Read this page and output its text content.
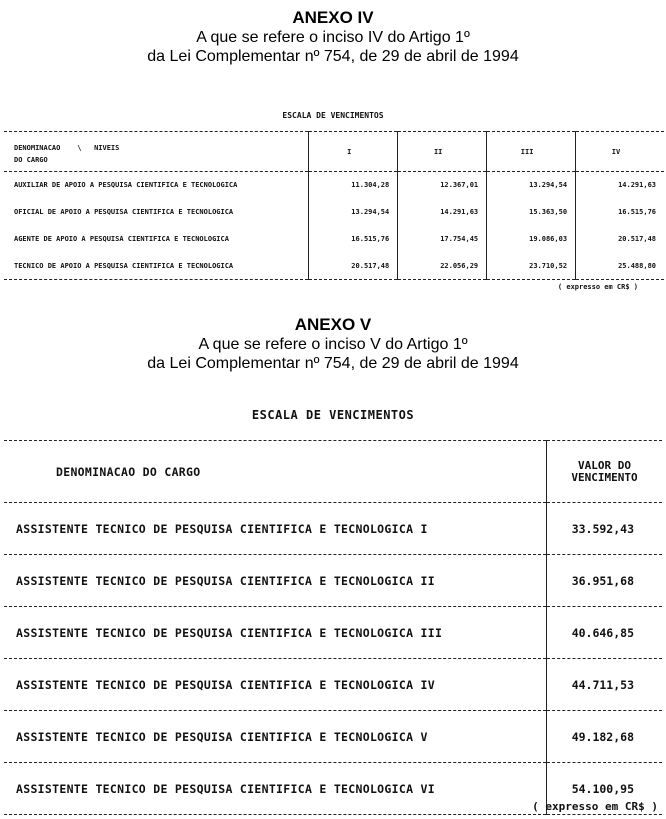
ANEXO IV
A que se refere o inciso IV do Artigo 1º
da Lei Complementar nº 754, de 29 de abril de 1994
ESCALA DE VENCIMENTOS
DENOMINACAO    \   NIVEIS
DO CARGO	I	II	III	IV
AUXILIAR DE APOIO A PESQUISA CIENTIFICA E TECNOLOGICA	11.304,28	12.367,01	13.294,54	14.291,63
OFICIAL DE APOIO A PESQUISA CIENTIFICA E TECNOLOGICA	13.294,54	14.291,63	15.363,50	16.515,76
AGENTE DE APOIO A PESQUISA CIENTIFICA E TECNOLOGICA	16.515,76	17.754,45	19.086,03	20.517,48
TECNICO DE APOIO A PESQUISA CIENTIFICA E TECNOLOGICA	20.517,48	22.056,29	23.710,52	25.488,80
( expresso em CR$ )
ANEXO V
A que se refere o inciso V do Artigo 1º
da Lei Complementar nº 754, de 29 de abril de 1994
ESCALA DE VENCIMENTOS
DENOMINACAO DO CARGO	VALOR DO
VENCIMENTO

ASSISTENTE TECNICO DE PESQUISA CIENTIFICA E TECNOLOGICA I	33.592,43
ASSISTENTE TECNICO DE PESQUISA CIENTIFICA E TECNOLOGICA II	36.951,68
ASSISTENTE TECNICO DE PESQUISA CIENTIFICA E TECNOLOGICA III	40.646,85
ASSISTENTE TECNICO DE PESQUISA CIENTIFICA E TECNOLOGICA IV	44.711,53
ASSISTENTE TECNICO DE PESQUISA CIENTIFICA E TECNOLOGICA V	49.182,68
ASSISTENTE TECNICO DE PESQUISA CIENTIFICA E TECNOLOGICA VI	54.100,95
( expresso em CR$ )
